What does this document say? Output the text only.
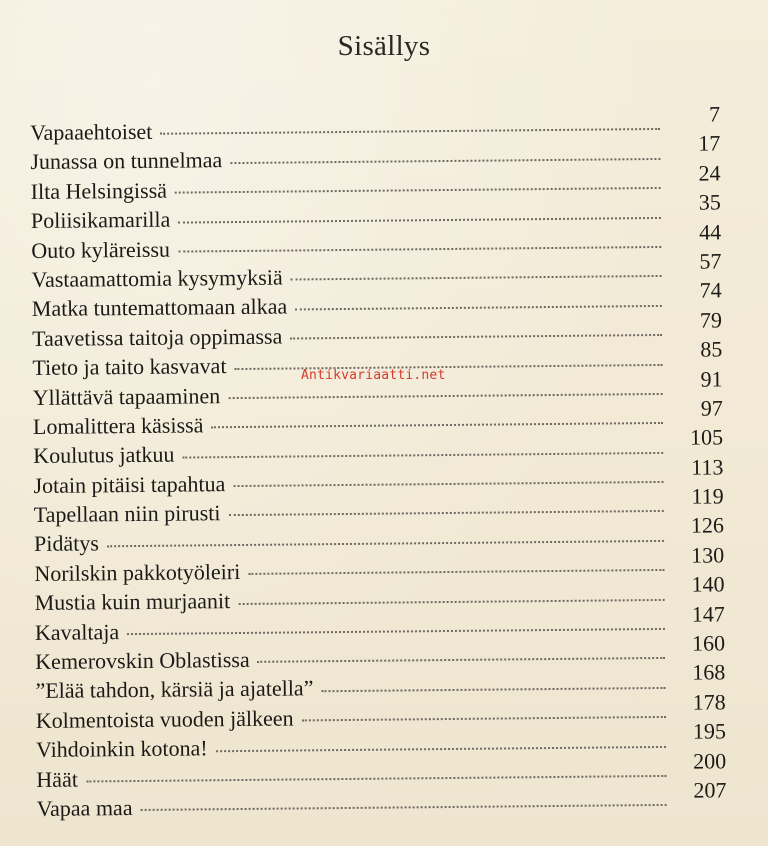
Sisällys
Vapaaehtoiset
7
Junassa on tunnelmaa
17
Ilta Helsingissä
24
Poliisikamarilla
35
Outo kyläreissu
44
Vastaamattomia kysymyksiä
57
Matka tuntemattomaan alkaa
74
Taavetissa taitoja oppimassa
79
Tieto ja taito kasvavat
85
Yllättävä tapaaminen
91
Lomalittera käsissä
97
Koulutus jatkuu
105
Jotain pitäisi tapahtua
113
Tapellaan niin pirusti
119
Pidätys
126
Norilskin pakkotyöleiri
130
Mustia kuin murjaanit
140
Kavaltaja
147
Kemerovskin Oblastissa
160
”Elää tahdon, kärsiä ja ajatella”
168
Kolmentoista vuoden jälkeen
178
Vihdoinkin kotona!
195
Häät
200
Vapaa maa
207
Antikvariaatti.net
